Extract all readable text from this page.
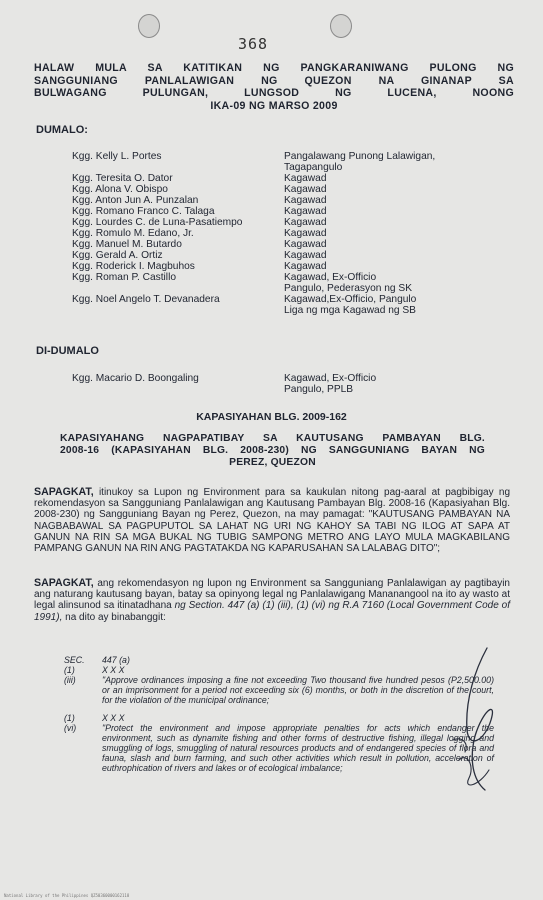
368
HALAW MULA SA KATITIKAN NG PANGKARANIWANG PULONG NG
SANGGUNIANG PANLALAWIGAN NG QUEZON NA GINANAP SA
BULWAGANG PULUNGAN, LUNGSOD NG LUCENA, NOONG
IKA-09 NG MARSO 2009
DUMALO:
Kgg. Kelly L. Portes	Pangalawang Punong Lalawigan,
Tagapangulo
Kgg. Teresita O. Dator	Kagawad
Kgg. Alona V. Obispo	Kagawad
Kgg. Anton Jun A. Punzalan	Kagawad
Kgg. Romano Franco C. Talaga	Kagawad
Kgg. Lourdes C. de Luna-Pasatiempo	Kagawad
Kgg. Romulo M. Edano, Jr.	Kagawad
Kgg. Manuel M. Butardo	Kagawad
Kgg. Gerald A. Ortiz	Kagawad
Kgg. Roderick I. Magbuhos	Kagawad
Kgg. Roman P. Castillo	Kagawad, Ex-Officio
Pangulo, Pederasyon ng SK
Kgg. Noel Angelo T. Devanadera	Kagawad,Ex-Officio, Pangulo
Liga ng mga Kagawad ng SB
DI-DUMALO
Kgg. Macario D. Boongaling	Kagawad, Ex-Officio
Pangulo, PPLB
KAPASIYAHAN BLG. 2009-162
KAPASIYAHANG NAGPAPATIBAY SA KAUTUSANG PAMBAYAN BLG.
2008-16 (KAPASIYAHAN BLG. 2008-230) NG SANGGUNIANG BAYAN NG
PEREZ, QUEZON
SAPAGKAT, itinukoy sa Lupon ng Environment para sa kaukulan nitong pag-aaral at pagbibigay ng rekomendasyon sa Sangguniang Panlalawigan ang Kautusang Pambayan Blg. 2008-16 (Kapasiyahan Blg. 2008-230) ng Sangguniang Bayan ng Perez, Quezon, na may pamagat: "KAUTUSANG PAMBAYAN NA NAGBABAWAL SA PAGPUPUTOL SA LAHAT NG URI NG KAHOY SA TABI NG ILOG AT SAPA AT GANUN NA RIN SA MGA BUKAL NG TUBIG SAMPONG METRO ANG LAYO MULA MAGKABILANG PAMPANG GANUN NA RIN ANG PAGTATAKDA NG KAPARUSAHAN SA LALABAG DITO";
SAPAGKAT, ang rekomendasyon ng lupon ng Environment sa Sangguniang Panlalawigan ay pagtibayin ang naturang kautusang bayan, batay sa opinyong legal ng Panlalawigang Mananangool na ito ay wasto at legal alinsunod sa itinatadhana ng Section. 447 (a) (1) (iii), (1) (vi) ng R.A 7160 (Local Government Code of 1991), na dito ay binabanggit:
SEC.	447 (a)
(1)	X X X
(iii)	"Approve ordinances imposing a fine not exceeding Two thousand five hundred pesos (P2,500.00) or an imprisonment for a period not exceeding six (6) months, or both in the discretion of the court, for the violation of the municipal ordinance;
(1)	X X X
(vi)	"Protect the environment and impose appropriate penalties for acts which endanger the environment, such as dynamite fishing and other forms of destructive fishing, illegal logging and smuggling of logs, smuggling of natural resources products and of endangered species of flora and fauna, slash and burn farming, and such other activities which result in pollution, acceleration of euthrophication of rivers and lakes or of ecological imbalance;
National Library of the Philippines QZ50360000162118
